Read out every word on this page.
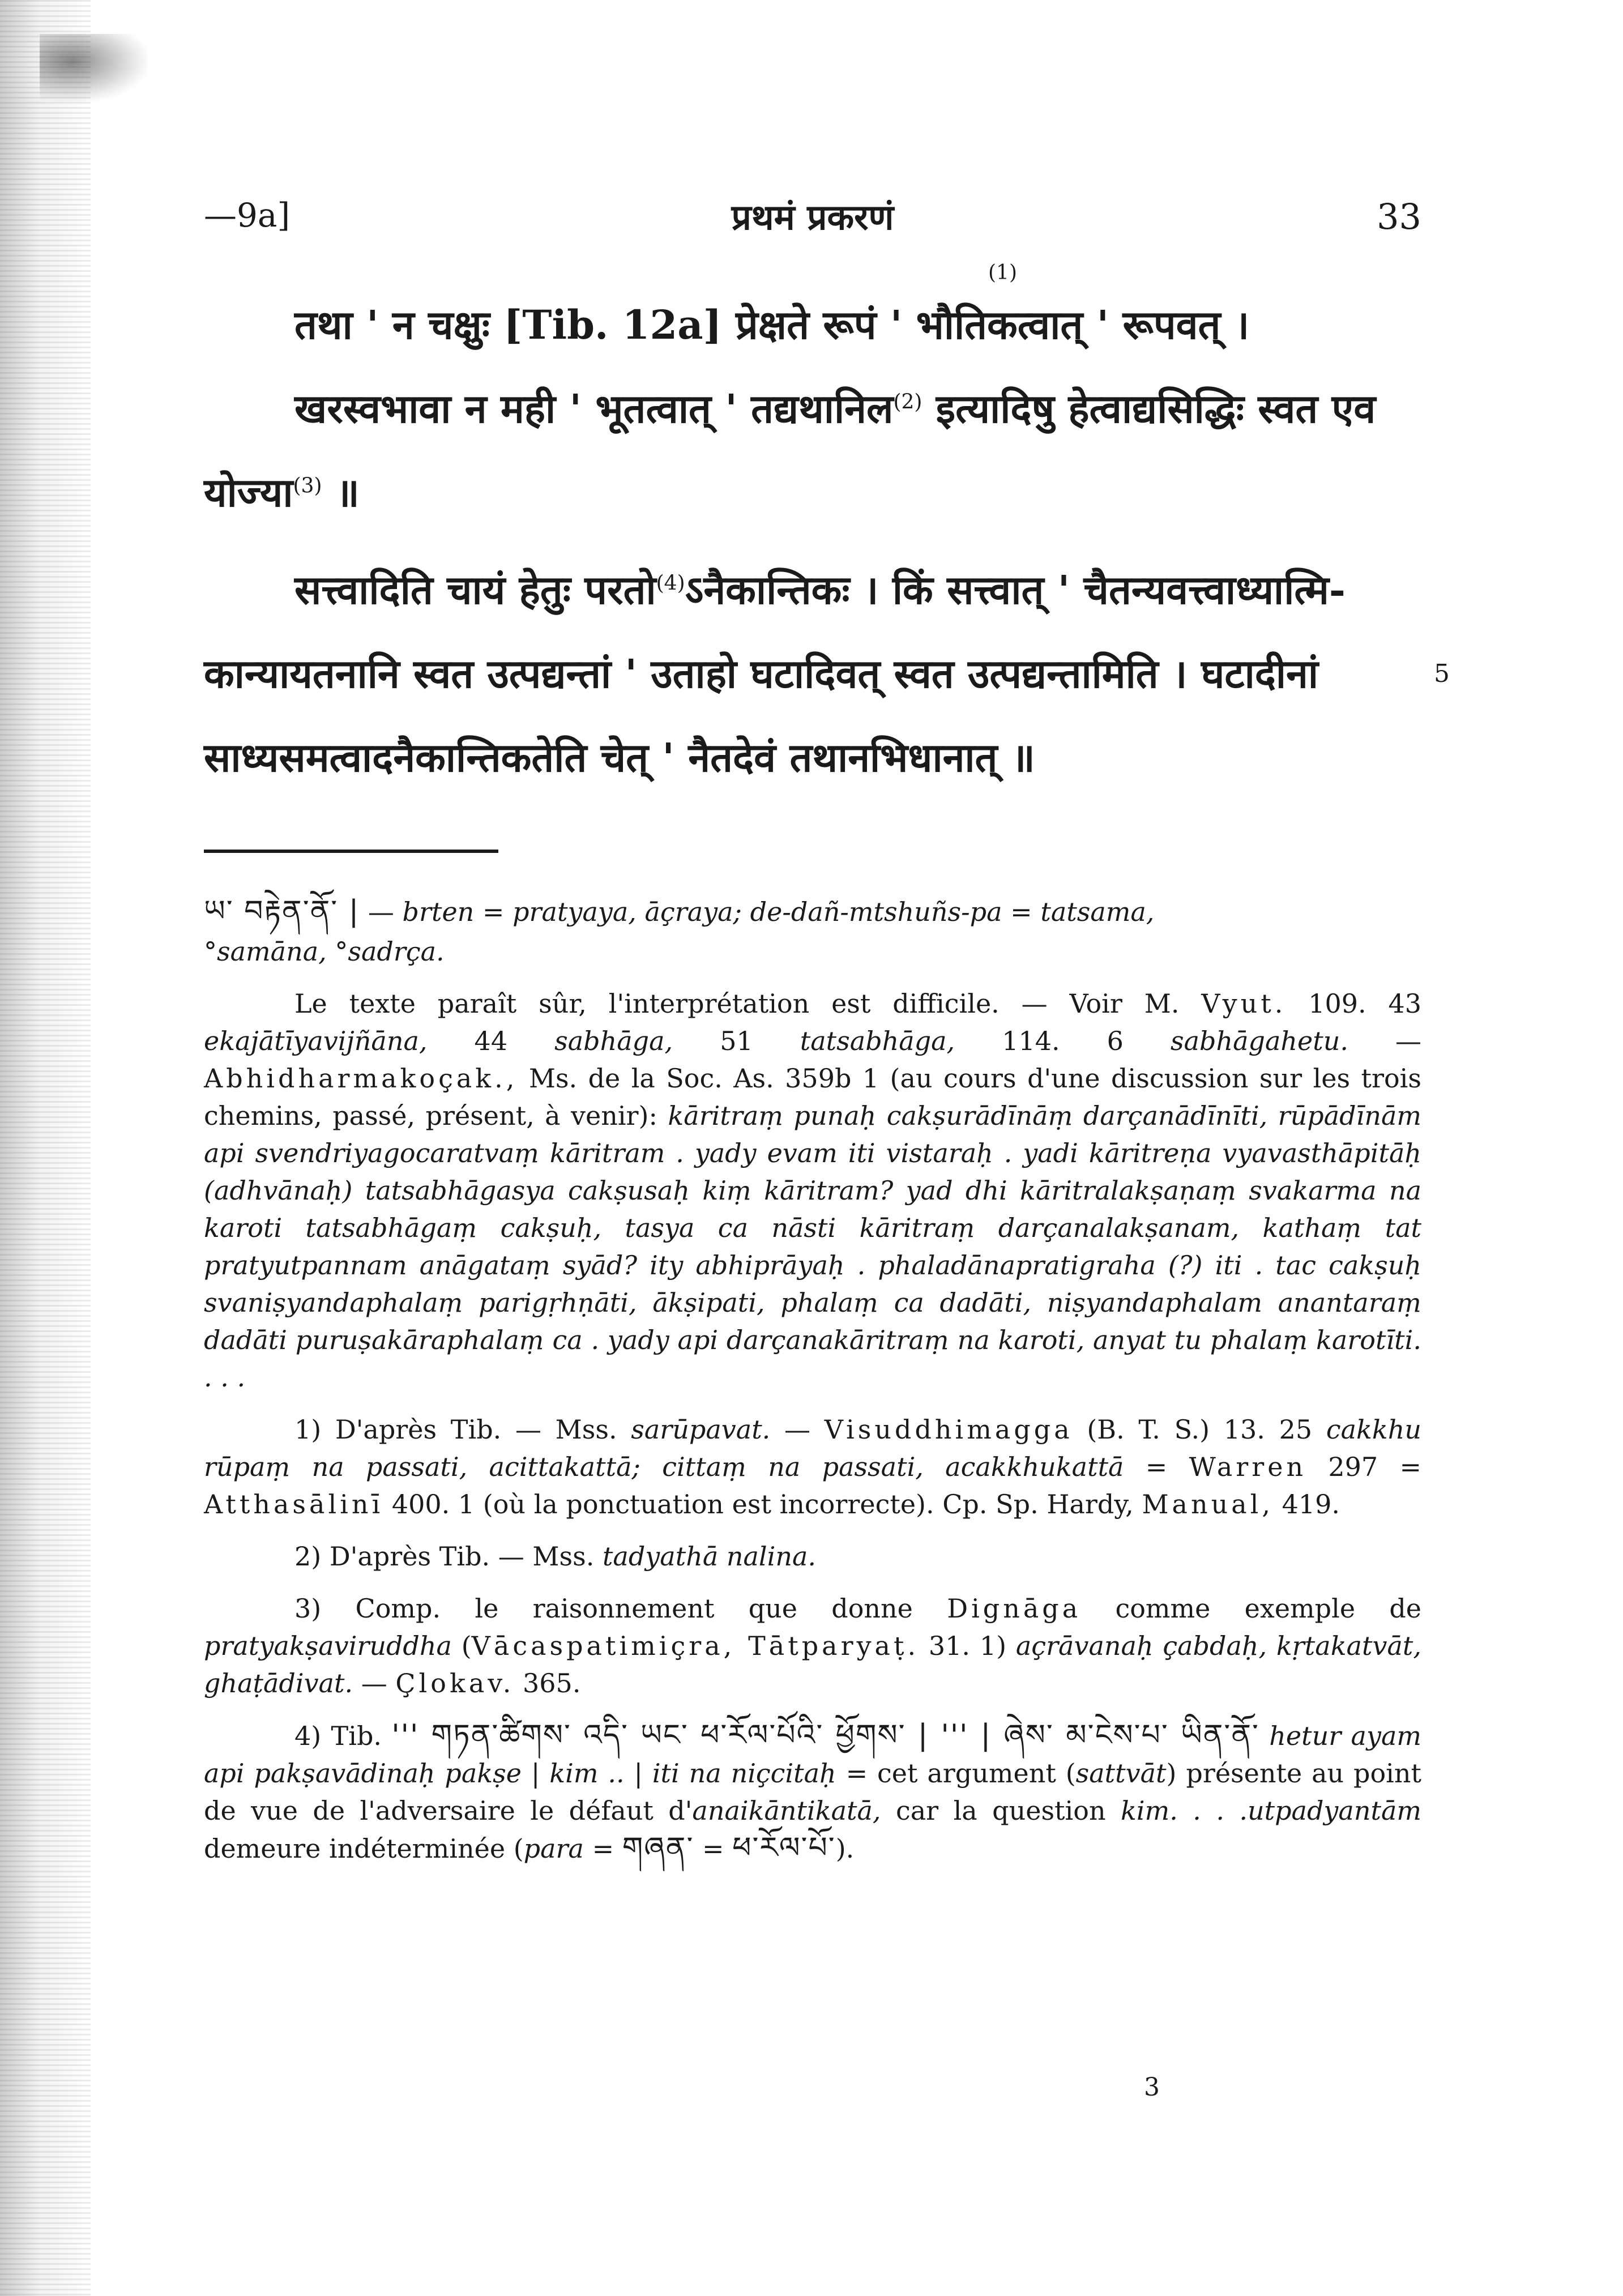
—9a]	प्रथमं प्रकरणं	33
तथा ' न चक्षुः [Tib. 12a] प्रेक्षते रूपं ' भौतिकत्वात् ' रूपवत् ।
(1)
खरस्वभावा न मही ' भूतत्वात् ' तद्यथानिल$^{(2)}$ इत्यादिषु हेत्वाद्यसिद्धिः स्वत एव
योज्या$^{(3)}$ ॥
सत्त्वादिति चायं हेतुः परतो$^{(4)}$ऽनैकान्तिकः । किं सत्त्वात् ' चैतन्यवत्त्वाध्यात्मि-
कान्यायतनानि स्वत उत्पद्यन्तां ' उताहो घटादिवत् स्वत उत्पद्यन्तामिति । घटादीनां	5
साध्यसमत्वादनैकान्तिकतेति चेत् ' नैतदेवं तथानभिधानात् ॥

ཡ་ བརྟེན་ནོ་ | — brten = pratyaya, āçraya; de-dañ-mtshuñs-pa = tatsama,

°samāna, °sadrça.

Le texte paraît sûr, l'interprétation est difficile. — Voir M. Vyut. 109. 43 ekajātīyavijñāna, 44 sabhāga, 51 tatsabhāga, 114. 6 sabhāgahetu. — Abhidharmakoçak., Ms. de la Soc. As. 359b 1 (au cours d'une discussion sur les trois chemins, passé, présent, à venir): kāritraṃ punaḥ cakṣurādīnāṃ darçanādīnīti, rūpādīnām api svendriyagocaratvaṃ kāritram . yady evam iti vistaraḥ . yadi kāritreṇa vyavasthāpitāḥ (adhvānaḥ) tatsabhāgasya cakṣusaḥ kiṃ kāritram? yad dhi kāritralakṣaṇaṃ svakarma na karoti tatsabhāgaṃ cakṣuḥ, tasya ca nāsti kāritraṃ darçanalakṣanam, kathaṃ tat pratyutpannam anāgataṃ syād? ity abhiprāyaḥ . phaladānapratigraha (?) iti . tac cakṣuḥ svaniṣyandaphalaṃ parigṛhṇāti, ākṣipati, phalaṃ ca dadāti, niṣyandaphalam anantaraṃ dadāti puruṣakāraphalaṃ ca . yady api darçanakāritraṃ na karoti, anyat tu phalaṃ karotīti. . . .

1) D'après Tib. — Mss. sarūpavat. — Visuddhimagga (B. T. S.) 13. 25 cakkhu rūpaṃ na passati, acittakattā; cittaṃ na passati, acakkhukattā = Warren 297 = Atthasālinī 400. 1 (où la ponctuation est incorrecte). Cp. Sp. Hardy, Manual, 419.

2) D'après Tib. — Mss. tadyathā nalina.

3) Comp. le raisonnement que donne Dignāga comme exemple de pratyakṣaviruddha (Vācaspatimiçra, Tātparyaṭ. 31. 1) açrāvanaḥ çabdaḥ, kṛtakatvāt, ghaṭādivat. — Çlokav. 365.

4) Tib. ''' གཏན་ཚིགས་ འདི་ ཡང་ ཕ་རོལ་པོའི་ ཕྱོགས་ | ''' | ཞེས་ མ་ངེས་པ་ ཡིན་ནོ་ hetur ayam api pakṣavādinaḥ pakṣe | kim .. | iti na niçcitaḥ = cet argument (sattvāt) présente au point de vue de l'adversaire le défaut d'anaikāntikatā, car la question kim. . . .utpadyantām demeure indéterminée (para = གཞན་ = ཕ་རོལ་པོ་).

3
